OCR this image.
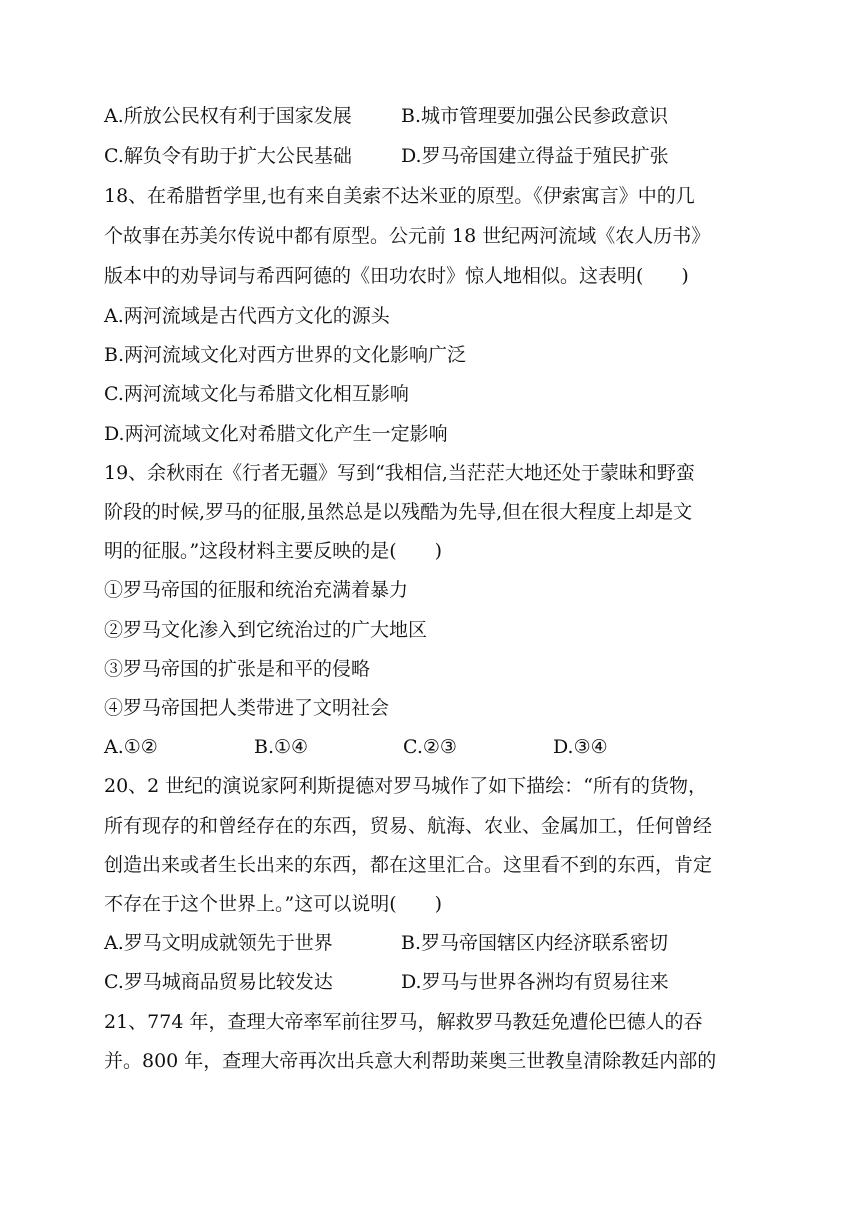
A.所放公民权有利于国家发展	B.城市管理要加强公民参政意识
C.解负令有助于扩大公民基础	D.罗马帝国建立得益于殖民扩张
18、在希腊哲学里,也有来自美索不达米亚的原型。《伊索寓言》中的几
个故事在苏美尔传说中都有原型。公元前 18 世纪两河流域《农人历书》
版本中的劝导词与希西阿德的《田功农时》惊人地相似。这表明(　　)
A.两河流域是古代西方文化的源头
B.两河流域文化对西方世界的文化影响广泛
C.两河流域文化与希腊文化相互影响
D.两河流域文化对希腊文化产生一定影响
19、余秋雨在《行者无疆》写到“我相信,当茫茫大地还处于蒙昧和野蛮
阶段的时候,罗马的征服,虽然总是以残酷为先导,但在很大程度上却是文
明的征服。”这段材料主要反映的是(　　)
①罗马帝国的征服和统治充满着暴力
②罗马文化渗入到它统治过的广大地区
③罗马帝国的扩张是和平的侵略
④罗马帝国把人类带进了文明社会
A.①②	B.①④	C.②③	D.③④
20、2 世纪的演说家阿利斯提德对罗马城作了如下描绘：“所有的货物，
所有现存的和曾经存在的东西，贸易、航海、农业、金属加工，任何曾经
创造出来或者生长出来的东西，都在这里汇合。这里看不到的东西，肯定
不存在于这个世界上。”这可以说明(　　)
A.罗马文明成就领先于世界	B.罗马帝国辖区内经济联系密切
C.罗马城商品贸易比较发达	D.罗马与世界各洲均有贸易往来
21、774 年，查理大帝率军前往罗马，解救罗马教廷免遭伦巴德人的吞
并。800 年，查理大帝再次出兵意大利帮助莱奥三世教皇清除教廷内部的
